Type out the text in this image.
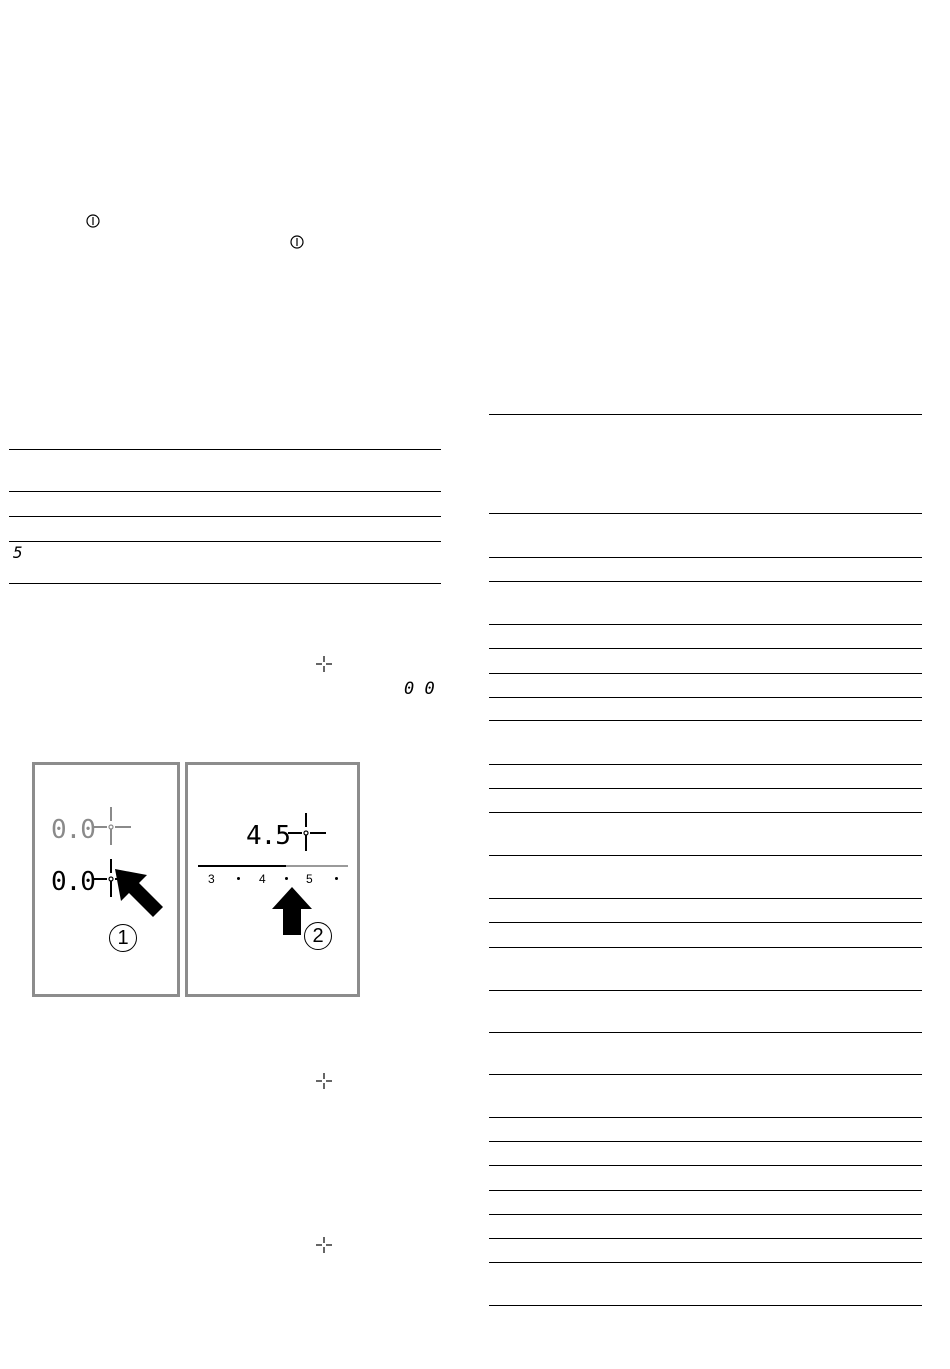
5
0 0
0.0
0.0
1
4.5
3	4	5
2
